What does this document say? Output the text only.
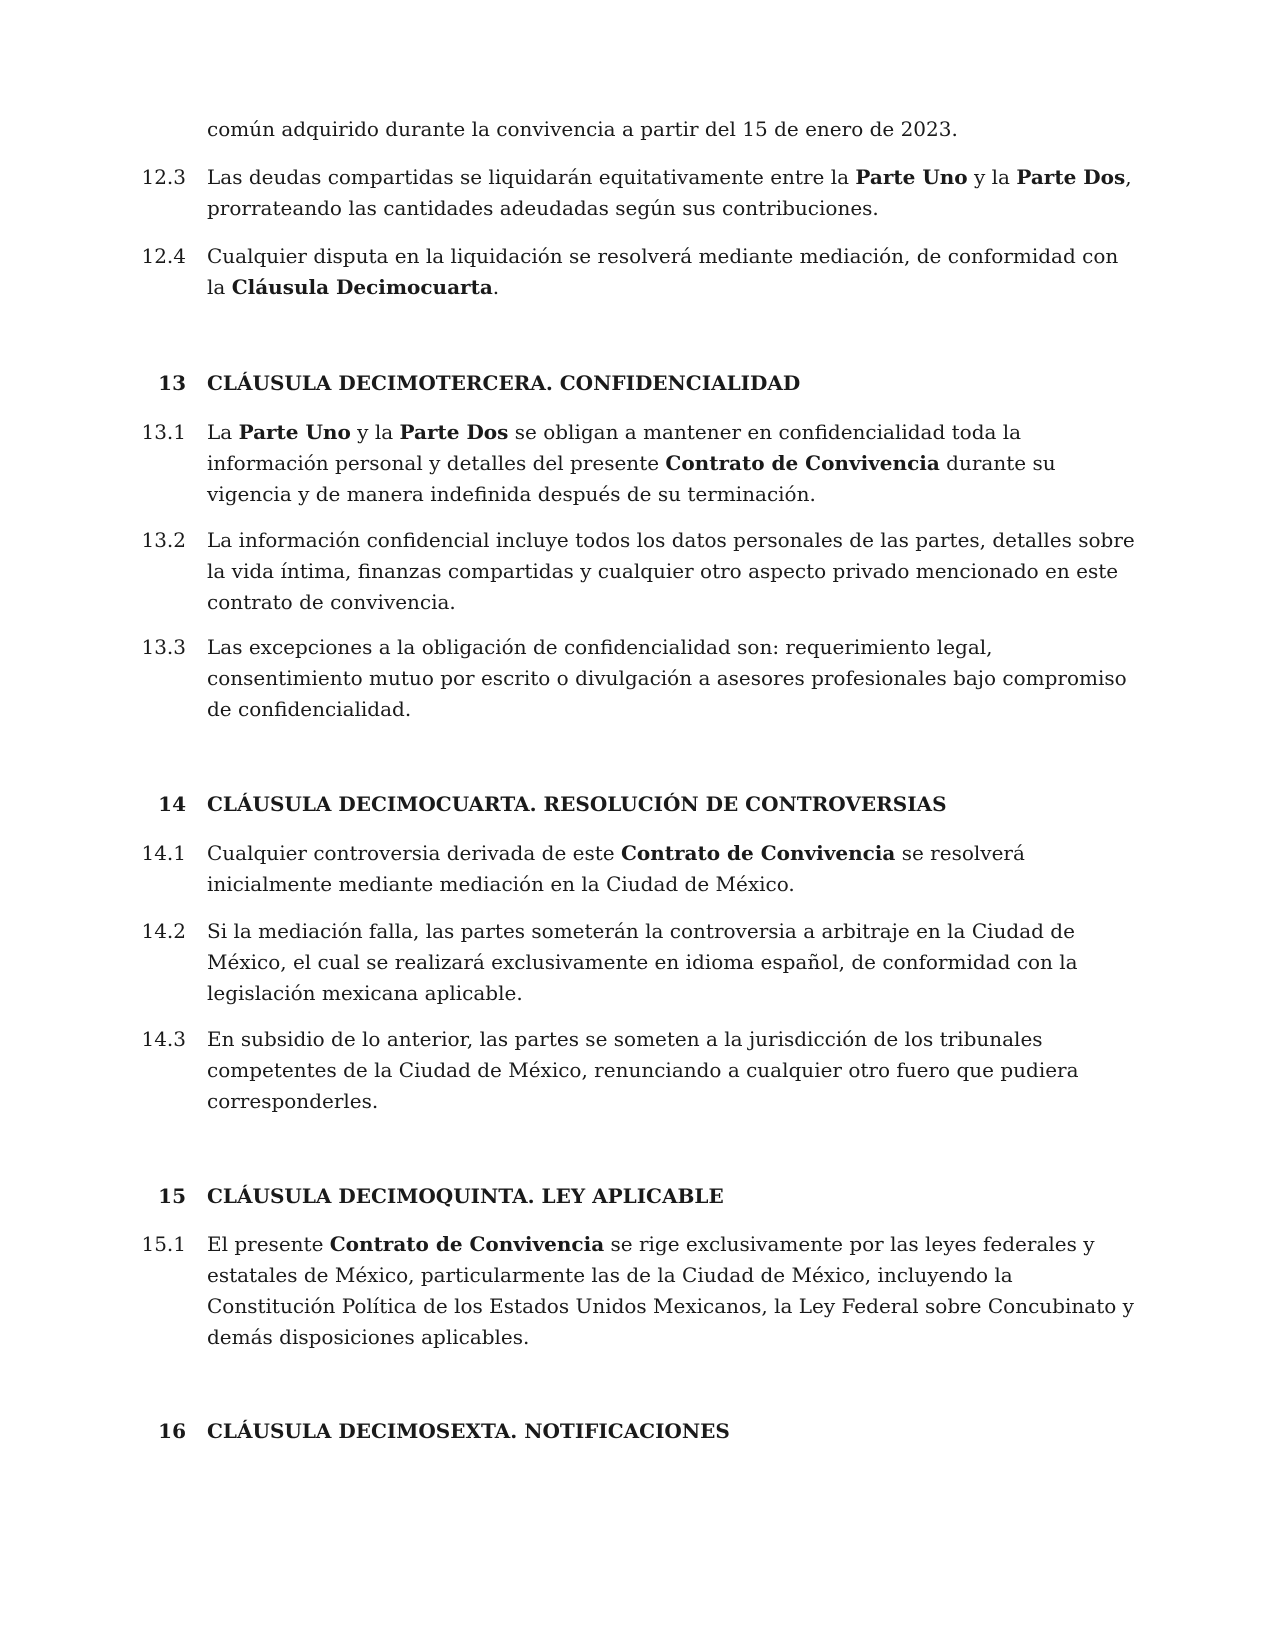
común adquirido durante la convivencia a partir del 15 de enero de 2023.
12.3 Las deudas compartidas se liquidarán equitativamente entre la Parte Uno y la Parte Dos, prorrateando las cantidades adeudadas según sus contribuciones.
12.4 Cualquier disputa en la liquidación se resolverá mediante mediación, de conformidad con la Cláusula Decimocuarta.
13 CLÁUSULA DECIMOTERCERA. CONFIDENCIALIDAD
13.1 La Parte Uno y la Parte Dos se obligan a mantener en confidencialidad toda la información personal y detalles del presente Contrato de Convivencia durante su vigencia y de manera indefinida después de su terminación.
13.2 La información confidencial incluye todos los datos personales de las partes, detalles sobre la vida íntima, finanzas compartidas y cualquier otro aspecto privado mencionado en este contrato de convivencia.
13.3 Las excepciones a la obligación de confidencialidad son: requerimiento legal, consentimiento mutuo por escrito o divulgación a asesores profesionales bajo compromiso de confidencialidad.
14 CLÁUSULA DECIMOCUARTA. RESOLUCIÓN DE CONTROVERSIAS
14.1 Cualquier controversia derivada de este Contrato de Convivencia se resolverá inicialmente mediante mediación en la Ciudad de México.
14.2 Si la mediación falla, las partes someterán la controversia a arbitraje en la Ciudad de México, el cual se realizará exclusivamente en idioma español, de conformidad con la legislación mexicana aplicable.
14.3 En subsidio de lo anterior, las partes se someten a la jurisdicción de los tribunales competentes de la Ciudad de México, renunciando a cualquier otro fuero que pudiera corresponderles.
15 CLÁUSULA DECIMOQUINTA. LEY APLICABLE
15.1 El presente Contrato de Convivencia se rige exclusivamente por las leyes federales y estatales de México, particularmente las de la Ciudad de México, incluyendo la Constitución Política de los Estados Unidos Mexicanos, la Ley Federal sobre Concubinato y demás disposiciones aplicables.
16 CLÁUSULA DECIMOSEXTA. NOTIFICACIONES
